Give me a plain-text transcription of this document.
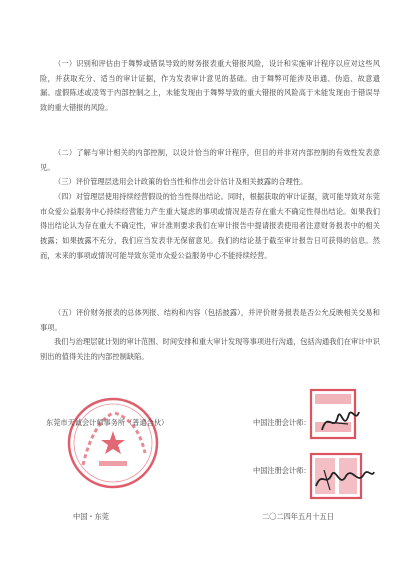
（一）识别和评估由于舞弊或错误导致的财务报表重大错报风险，设计和实施审计程序以应对这些风险，并获取充分、适当的审计证据，作为发表审计意见的基础。由于舞弊可能涉及串通、伪造、故意遗漏、虚假陈述或凌驾于内部控制之上，未能发现由于舞弊导致的重大错报的风险高于未能发现由于错误导致的重大错报的风险。

（二）了解与审计相关的内部控制，以设计恰当的审计程序，但目的并非对内部控制的有效性发表意见。

（三）评价管理层选用会计政策的恰当性和作出会计估计及相关披露的合理性。

（四）对管理层使用持续经营假设的恰当性得出结论。同时，根据获取的审计证据，就可能导致对东莞市众爱公益服务中心持续经营能力产生重大疑虑的事项或情况是否存在重大不确定性得出结论。如果我们得出结论认为存在重大不确定性，审计准则要求我们在审计报告中提请报表使用者注意财务报表中的相关披露；如果披露不充分，我们应当发表非无保留意见。我们的结论基于截至审计报告日可获得的信息。然而，未来的事项或情况可能导致东莞市众爱公益服务中心不能持续经营。

（五）评价财务报表的总体列报、结构和内容（包括披露），并评价财务报表是否公允反映相关交易和事项。

我们与治理层就计划的审计范围、时间安排和重大审计发现等事项进行沟通，包括沟通我们在审计中识别出的值得关注的内部控制缺陷。

东莞市天诚会计师事务所（普通合伙）	中国注册会计师：
中国注册会计师：
中国・东莞	二〇二四年五月十五日
